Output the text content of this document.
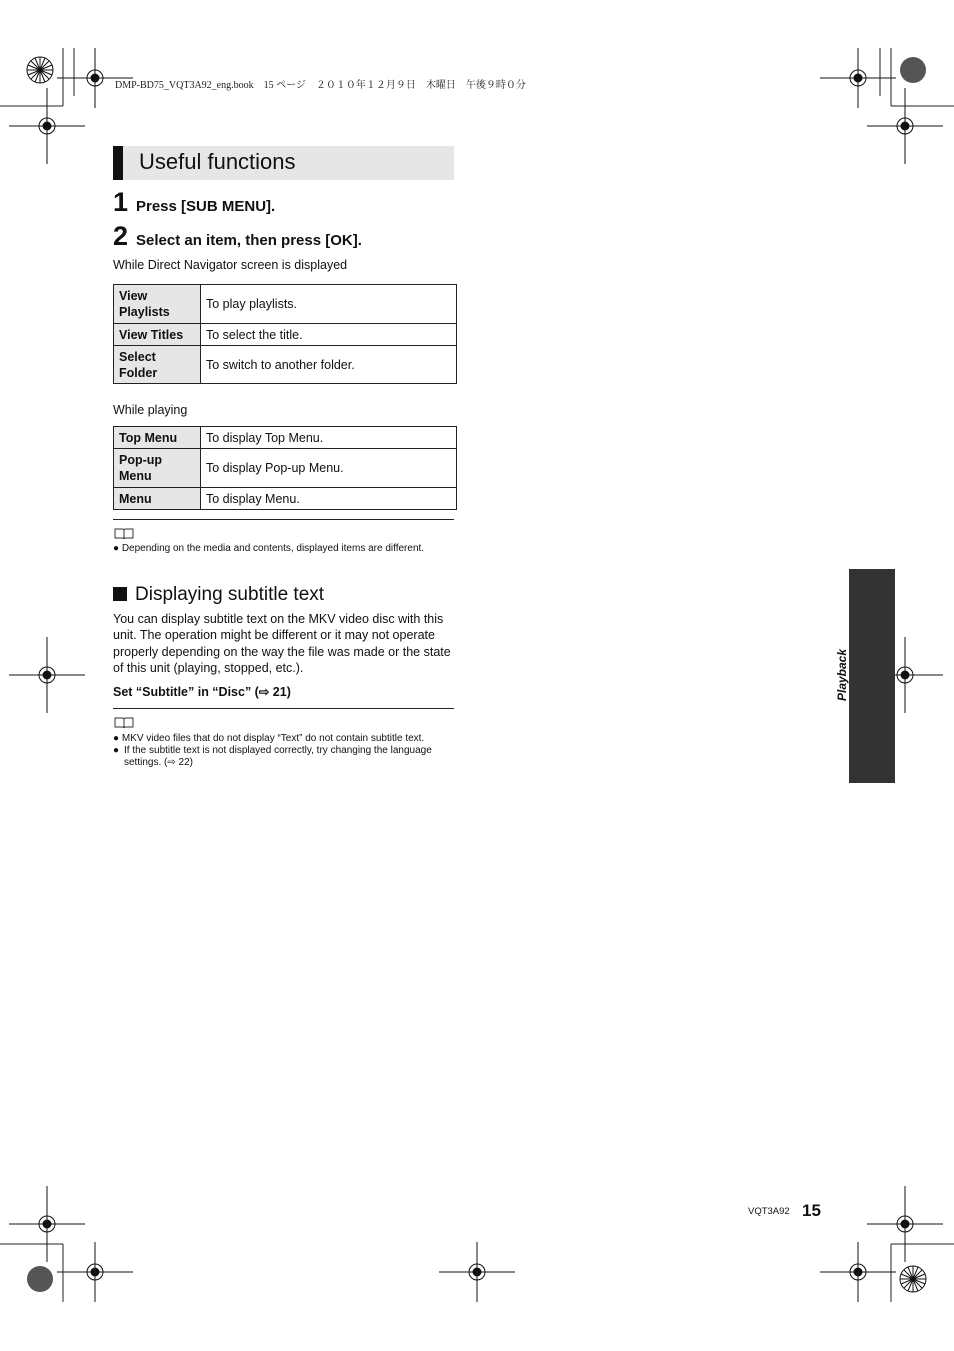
DMP-BD75_VQT3A92_eng.book　15 ページ　２０１０年１２月９日　木曜日　午後９時０分
Useful functions
1 Press [SUB MENU].
2 Select an item, then press [OK].
While Direct Navigator screen is displayed
View Playlists	To play playlists.
View Titles	To select the title.
Select Folder	To switch to another folder.
While playing
Top Menu	To display Top Menu.
Pop-up Menu	To display Pop-up Menu.
Menu	To display Menu.
● Depending on the media and contents, displayed items are different.
Displaying subtitle text
You can display subtitle text on the MKV video disc with this unit. The operation might be different or it may not operate properly depending on the way the file was made or the state of this unit (playing, stopped, etc.).
Set “Subtitle” in “Disc” (⇨ 21)
● MKV video files that do not display “Text” do not contain subtitle text.
● If the subtitle text is not displayed correctly, try changing the language settings. (⇨ 22)
Playback
VQT3A92 15
